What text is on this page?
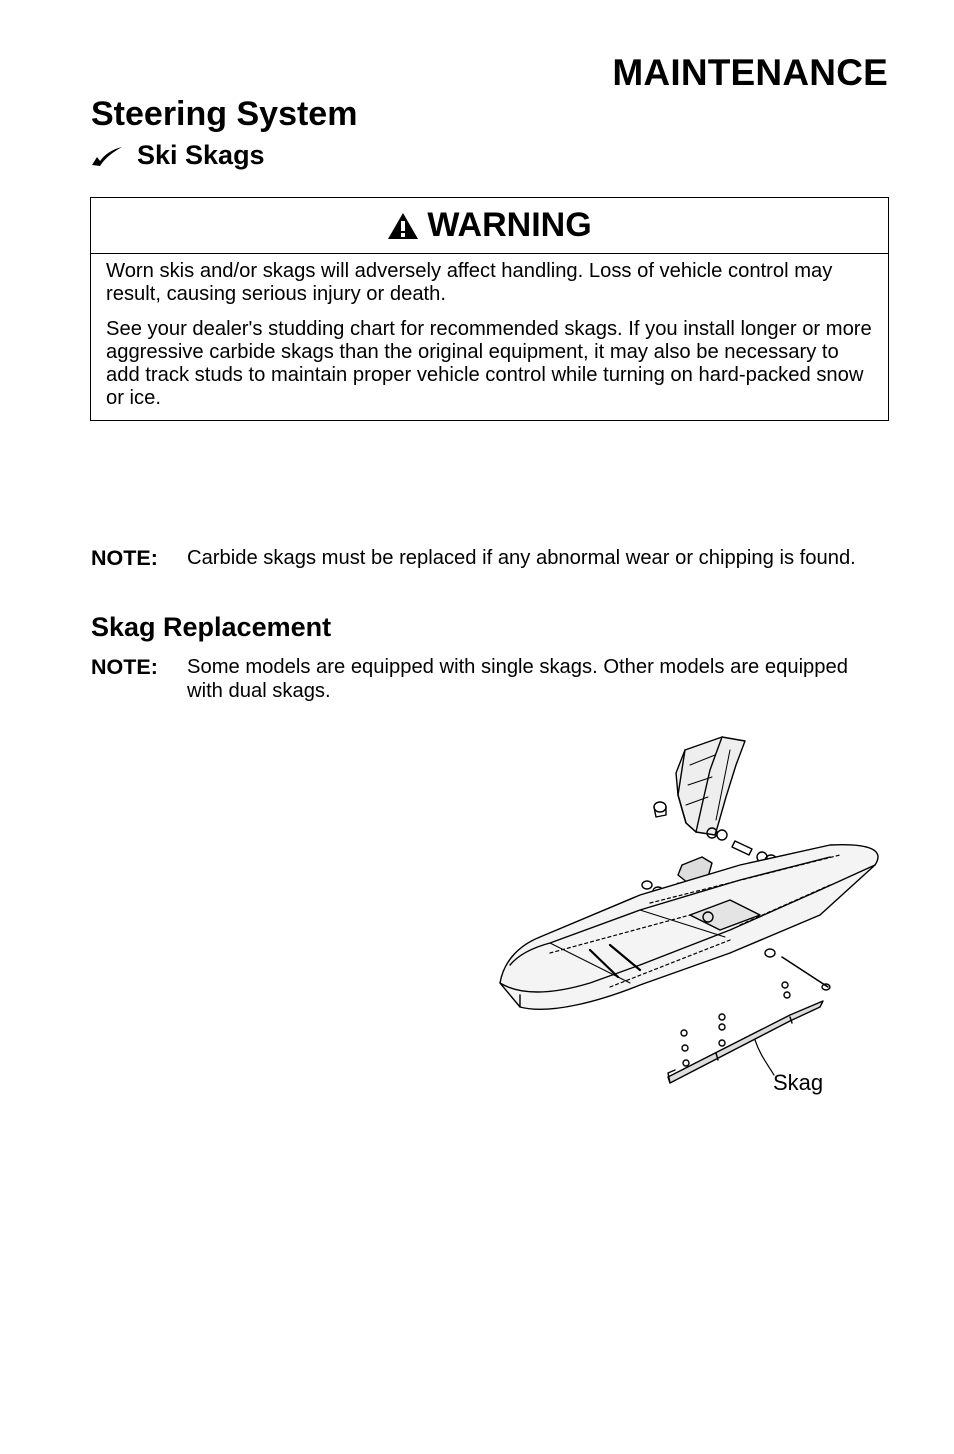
MAINTENANCE
Steering System
Ski Skags
WARNING

Worn skis and/or skags will adversely affect handling. Loss of vehicle control may result, causing serious injury or death.

See your dealer's studding chart for recommended skags. If you install longer or more aggressive carbide skags than the original equipment, it may also be necessary to add track studs to maintain proper vehicle control while turning on hard-packed snow or ice.

NOTE:	Carbide skags must be replaced if any abnormal wear or chipping is found.
Skag Replacement
NOTE:	Some models are equipped with single skags. Other models are equipped with dual skags.
Skag
